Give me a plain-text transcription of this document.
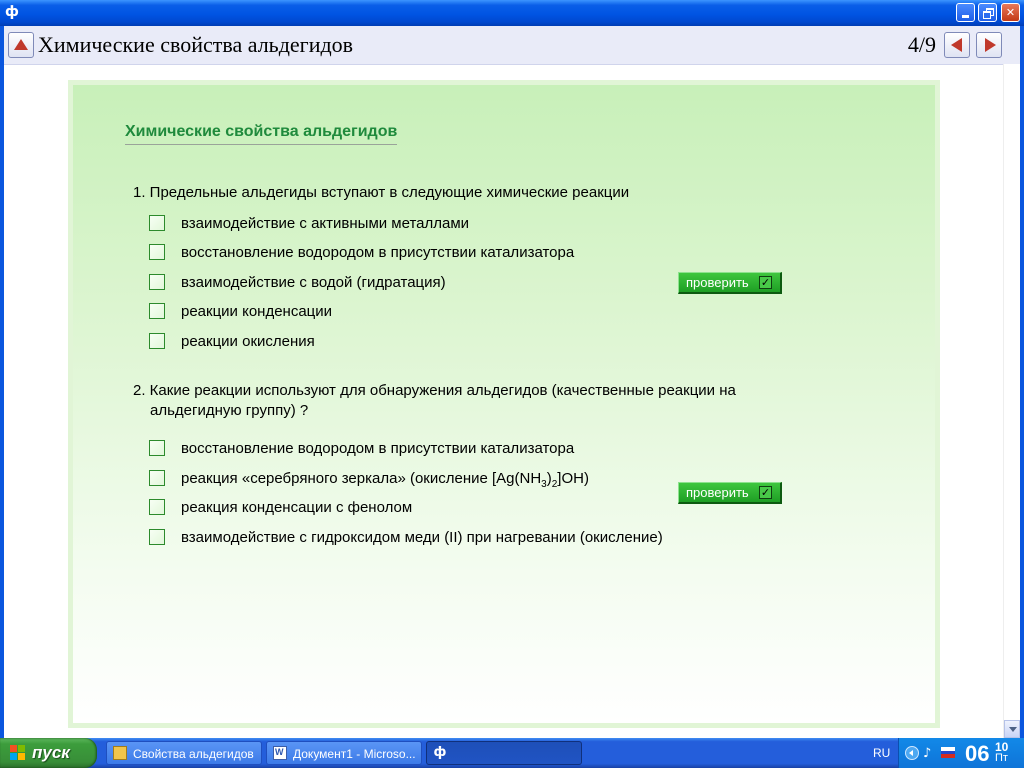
ф	✕
Химические свойства альдегидов	4/9
Химические свойства альдегидов
1. Предельные альдегиды вступают в следующие химические реакции
взаимодействие с активными металлами
восстановление водородом в присутствии катализатора
взаимодействие с водой (гидратация)
реакции конденсации
реакции окисления
проверить ✓
2. Какие реакции используют для обнаружения альдегидов (качественные реакции на
альдегидную группу) ?
восстановление водородом в присутствии катализатора
реакция «серебряного зеркала» (окисление $[Ag(NH_3)_2]OH$)
реакция конденсации с фенолом
взаимодействие с гидроксидом меди (II) при нагревании (окисление)
проверить ✓
пуск	Свойства альдегидов
W	Документ1 - Microso... ф	RU	♪ 06 10
Пт
